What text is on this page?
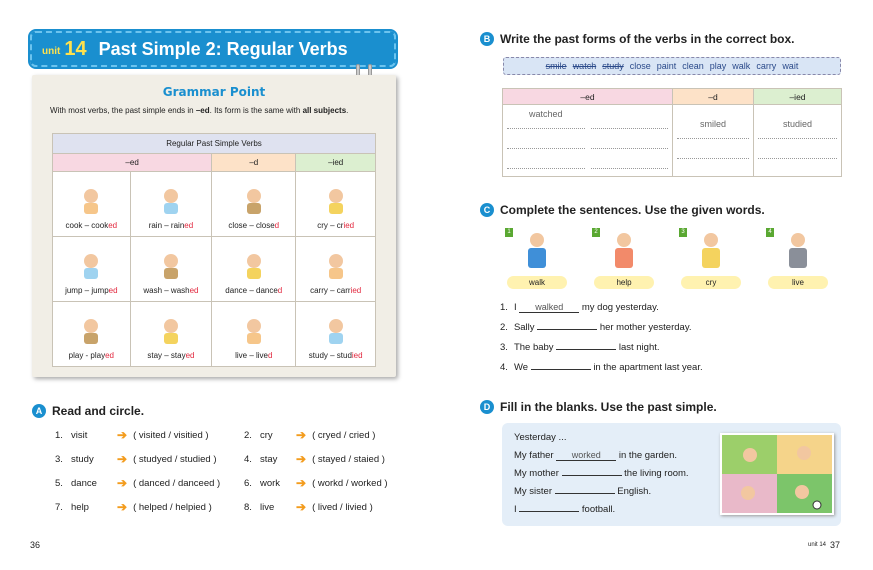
unit 14 Past Simple 2: Regular Verbs
Grammar Point
With most verbs, the past simple ends in –ed. Its form is the same with all subjects.
Regular Past Simple Verbs			
–ed		–d	–ied

cook – cooked	rain – rained	close – closed	cry – cried

jump – jumped	wash – washed	dance – danced	carry – carried

play - played	stay – stayed	live – lived	study – studied
A Read and circle.
1. visit	➔ ( visited / visitied )	2. cry	➔ ( cryed / cried )
3. study	➔ ( studyed / studied )	4. stay	➔ ( stayed / staied )
5. dance	➔ ( danced / danceed )	6. work	➔ ( workd / worked )
7. help	➔ ( helped / helpied )	8. live	➔ ( lived / livied )
36
B Write the past forms of the verbs in the correct box.
smile watch study close paint clean play walk carry wait
–ed	–d	–ied

watched	smiled	studied
C Complete the sentences. Use the given words.
1
walk
2
help
3
cry
4
live
1. I walked my dog yesterday.
2. Sally	her mother yesterday.
3. The baby	last night.
4. We	in the apartment last year.
D Fill in the blanks. Use the past simple.
Yesterday ...
My father worked in the garden.
My mother	the living room.
My sister	English.
I	football.
unit 14 37
